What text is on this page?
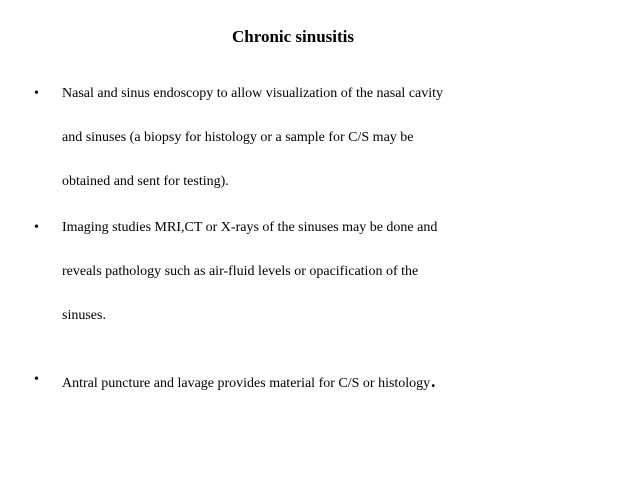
Chronic sinusitis
• Nasal and sinus endoscopy to allow visualization of the nasal cavity
and sinuses (a biopsy for histology or a sample for C/S may be
obtained and sent for testing).
• Imaging studies MRI,CT or X-rays of the sinuses may be done and
reveals pathology such as air-fluid levels or opacification of the
sinuses.
• Antral puncture and lavage provides material for C/S or histology.
